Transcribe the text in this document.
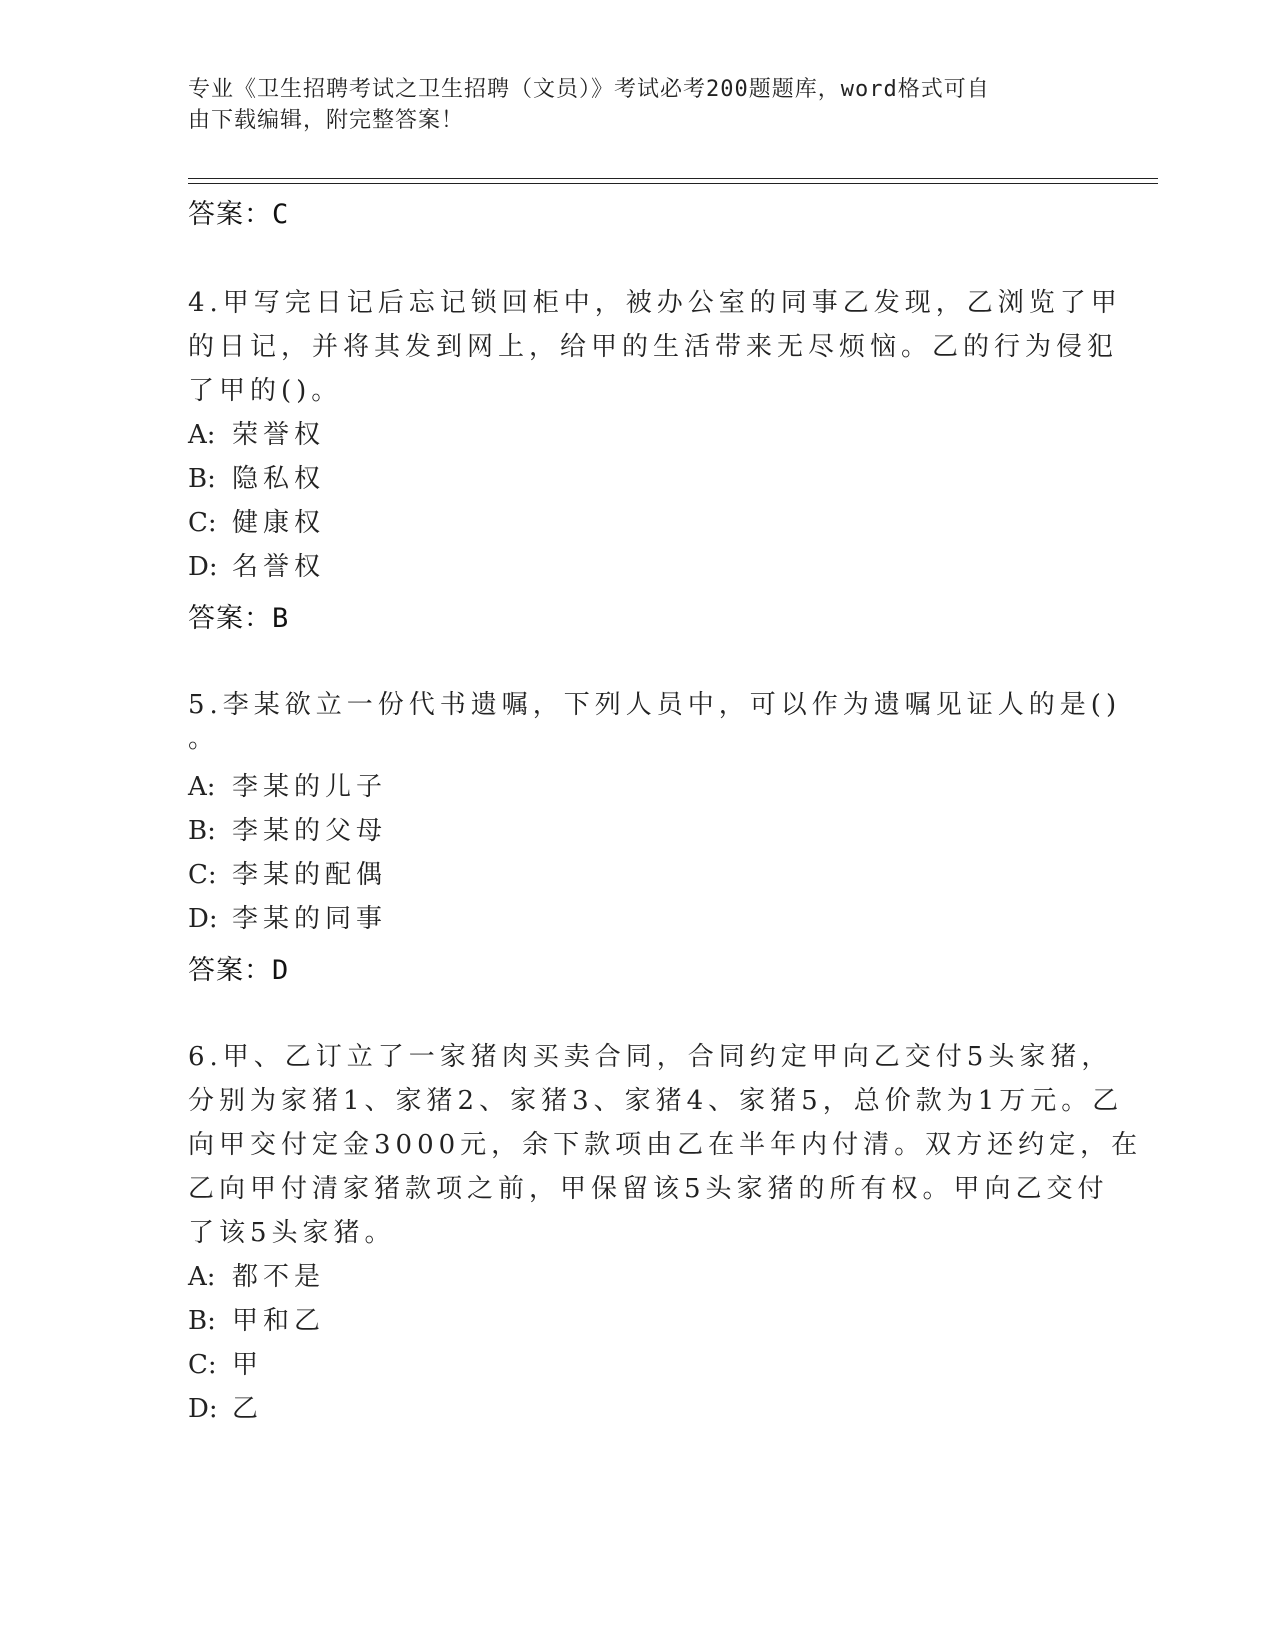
专业《卫生招聘考试之卫生招聘（文员）》考试必考200题题库，word格式可自
由下载编辑，附完整答案！
答案：C
4.甲写完日记后忘记锁回柜中，被办公室的同事乙发现，乙浏览了甲
的日记，并将其发到网上，给甲的生活带来无尽烦恼。乙的行为侵犯
了甲的()。
A: 荣誉权
B: 隐私权
C: 健康权
D: 名誉权
答案：B
5.李某欲立一份代书遗嘱，下列人员中，可以作为遗嘱见证人的是()
。
A: 李某的儿子
B: 李某的父母
C: 李某的配偶
D: 李某的同事
答案：D
6.甲、乙订立了一家猪肉买卖合同，合同约定甲向乙交付5头家猪，
分别为家猪1、家猪2、家猪3、家猪4、家猪5，总价款为1万元。乙
向甲交付定金3000元，余下款项由乙在半年内付清。双方还约定，在
乙向甲付清家猪款项之前，甲保留该5头家猪的所有权。甲向乙交付
了该5头家猪。
A: 都不是
B: 甲和乙
C: 甲
D: 乙
